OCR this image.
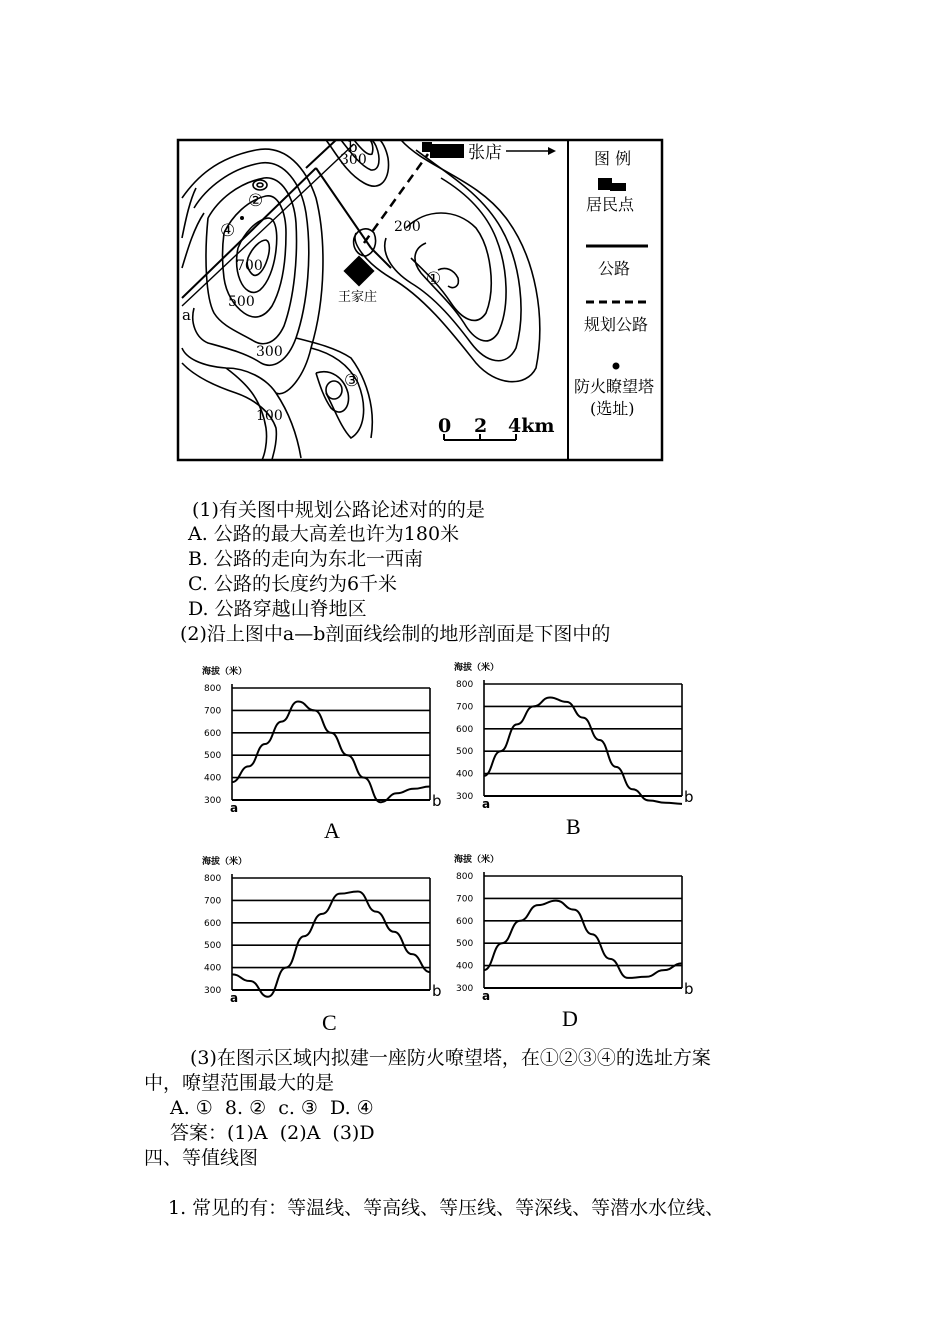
300
700
500
300
100
200
a
b
①
②
③
④
张店
王家庄
0 2 4km
图 例
居民点
公路
规划公路
防火瞭望塔
(选址)
(1)有关图中规划公路论述对的的是
A. 公路的最大高差也许为180米
B. 公路的走向为东北一西南
C. 公路的长度约为6千米
D. 公路穿越山脊地区
(2)沿上图中a—b剖面线绘制的地形剖面是下图中的
海拔（米）
800
700
600
500
400
300 a	b
海拔（米）
800
700
600
500
400
300 a	b
海拔（米）
800
700
600
500
400
300 a	b
海拔（米）
800
700
600
500
400
300 a	b
A	B
C	D
(3)在图示区域内拟建一座防火嘹望塔，在①②③④的选址方案
中，嘹望范围最大的是
A. ①  8. ②  c. ③  D. ④
答案：(1)A  (2)A  (3)D
四、等值线图
1. 常见的有：等温线、等高线、等压线、等深线、等潜水水位线、
